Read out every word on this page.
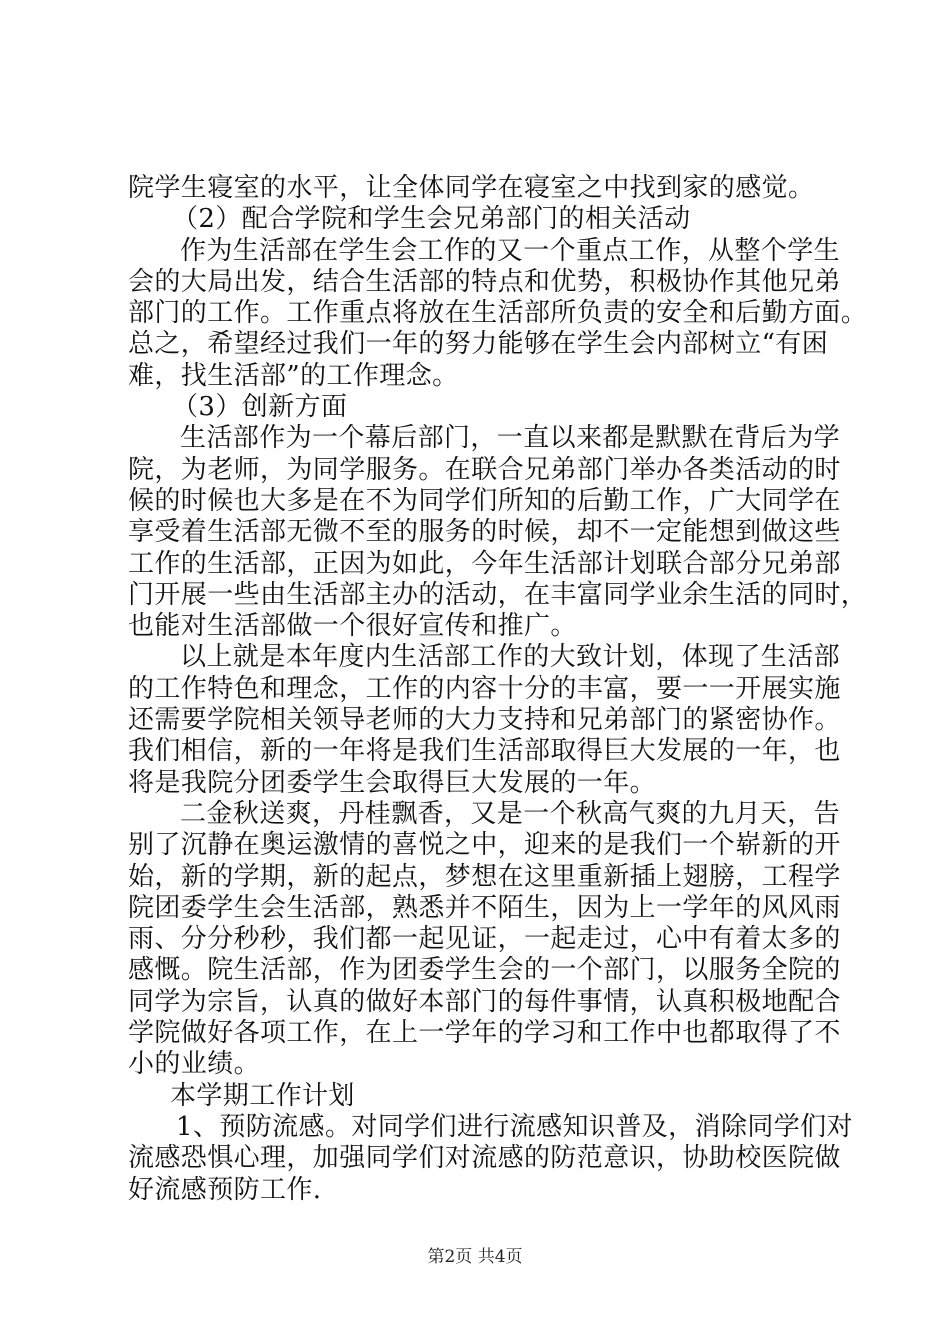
院学生寝室的水平，让全体同学在寝室之中找到家的感觉。
（2）配合学院和学生会兄弟部门的相关活动
作为生活部在学生会工作的又一个重点工作，从整个学生
会的大局出发，结合生活部的特点和优势，积极协作其他兄弟
部门的工作。工作重点将放在生活部所负责的安全和后勤方面。
总之，希望经过我们一年的努力能够在学生会内部树立“有困
难，找生活部”的工作理念。
（3）创新方面
生活部作为一个幕后部门，一直以来都是默默在背后为学
院，为老师，为同学服务。在联合兄弟部门举办各类活动的时
候的时候也大多是在不为同学们所知的后勤工作，广大同学在
享受着生活部无微不至的服务的时候，却不一定能想到做这些
工作的生活部，正因为如此，今年生活部计划联合部分兄弟部
门开展一些由生活部主办的活动，在丰富同学业余生活的同时，
也能对生活部做一个很好宣传和推广。
以上就是本年度内生活部工作的大致计划，体现了生活部
的工作特色和理念，工作的内容十分的丰富，要一一开展实施
还需要学院相关领导老师的大力支持和兄弟部门的紧密协作。
我们相信，新的一年将是我们生活部取得巨大发展的一年，也
将是我院分团委学生会取得巨大发展的一年。
二金秋送爽，丹桂飘香，又是一个秋高气爽的九月天，告
别了沉静在奥运激情的喜悦之中，迎来的是我们一个崭新的开
始，新的学期，新的起点，梦想在这里重新插上翅膀，工程学
院团委学生会生活部，熟悉并不陌生，因为上一学年的风风雨
雨、分分秒秒，我们都一起见证，一起走过，心中有着太多的
感慨。院生活部，作为团委学生会的一个部门，以服务全院的
同学为宗旨，认真的做好本部门的每件事情，认真积极地配合
学院做好各项工作，在上一学年的学习和工作中也都取得了不
小的业绩。
本学期工作计划
1、预防流感。对同学们进行流感知识普及，消除同学们对
流感恐惧心理，加强同学们对流感的防范意识，协助校医院做
好流感预防工作.
第2页 共4页
